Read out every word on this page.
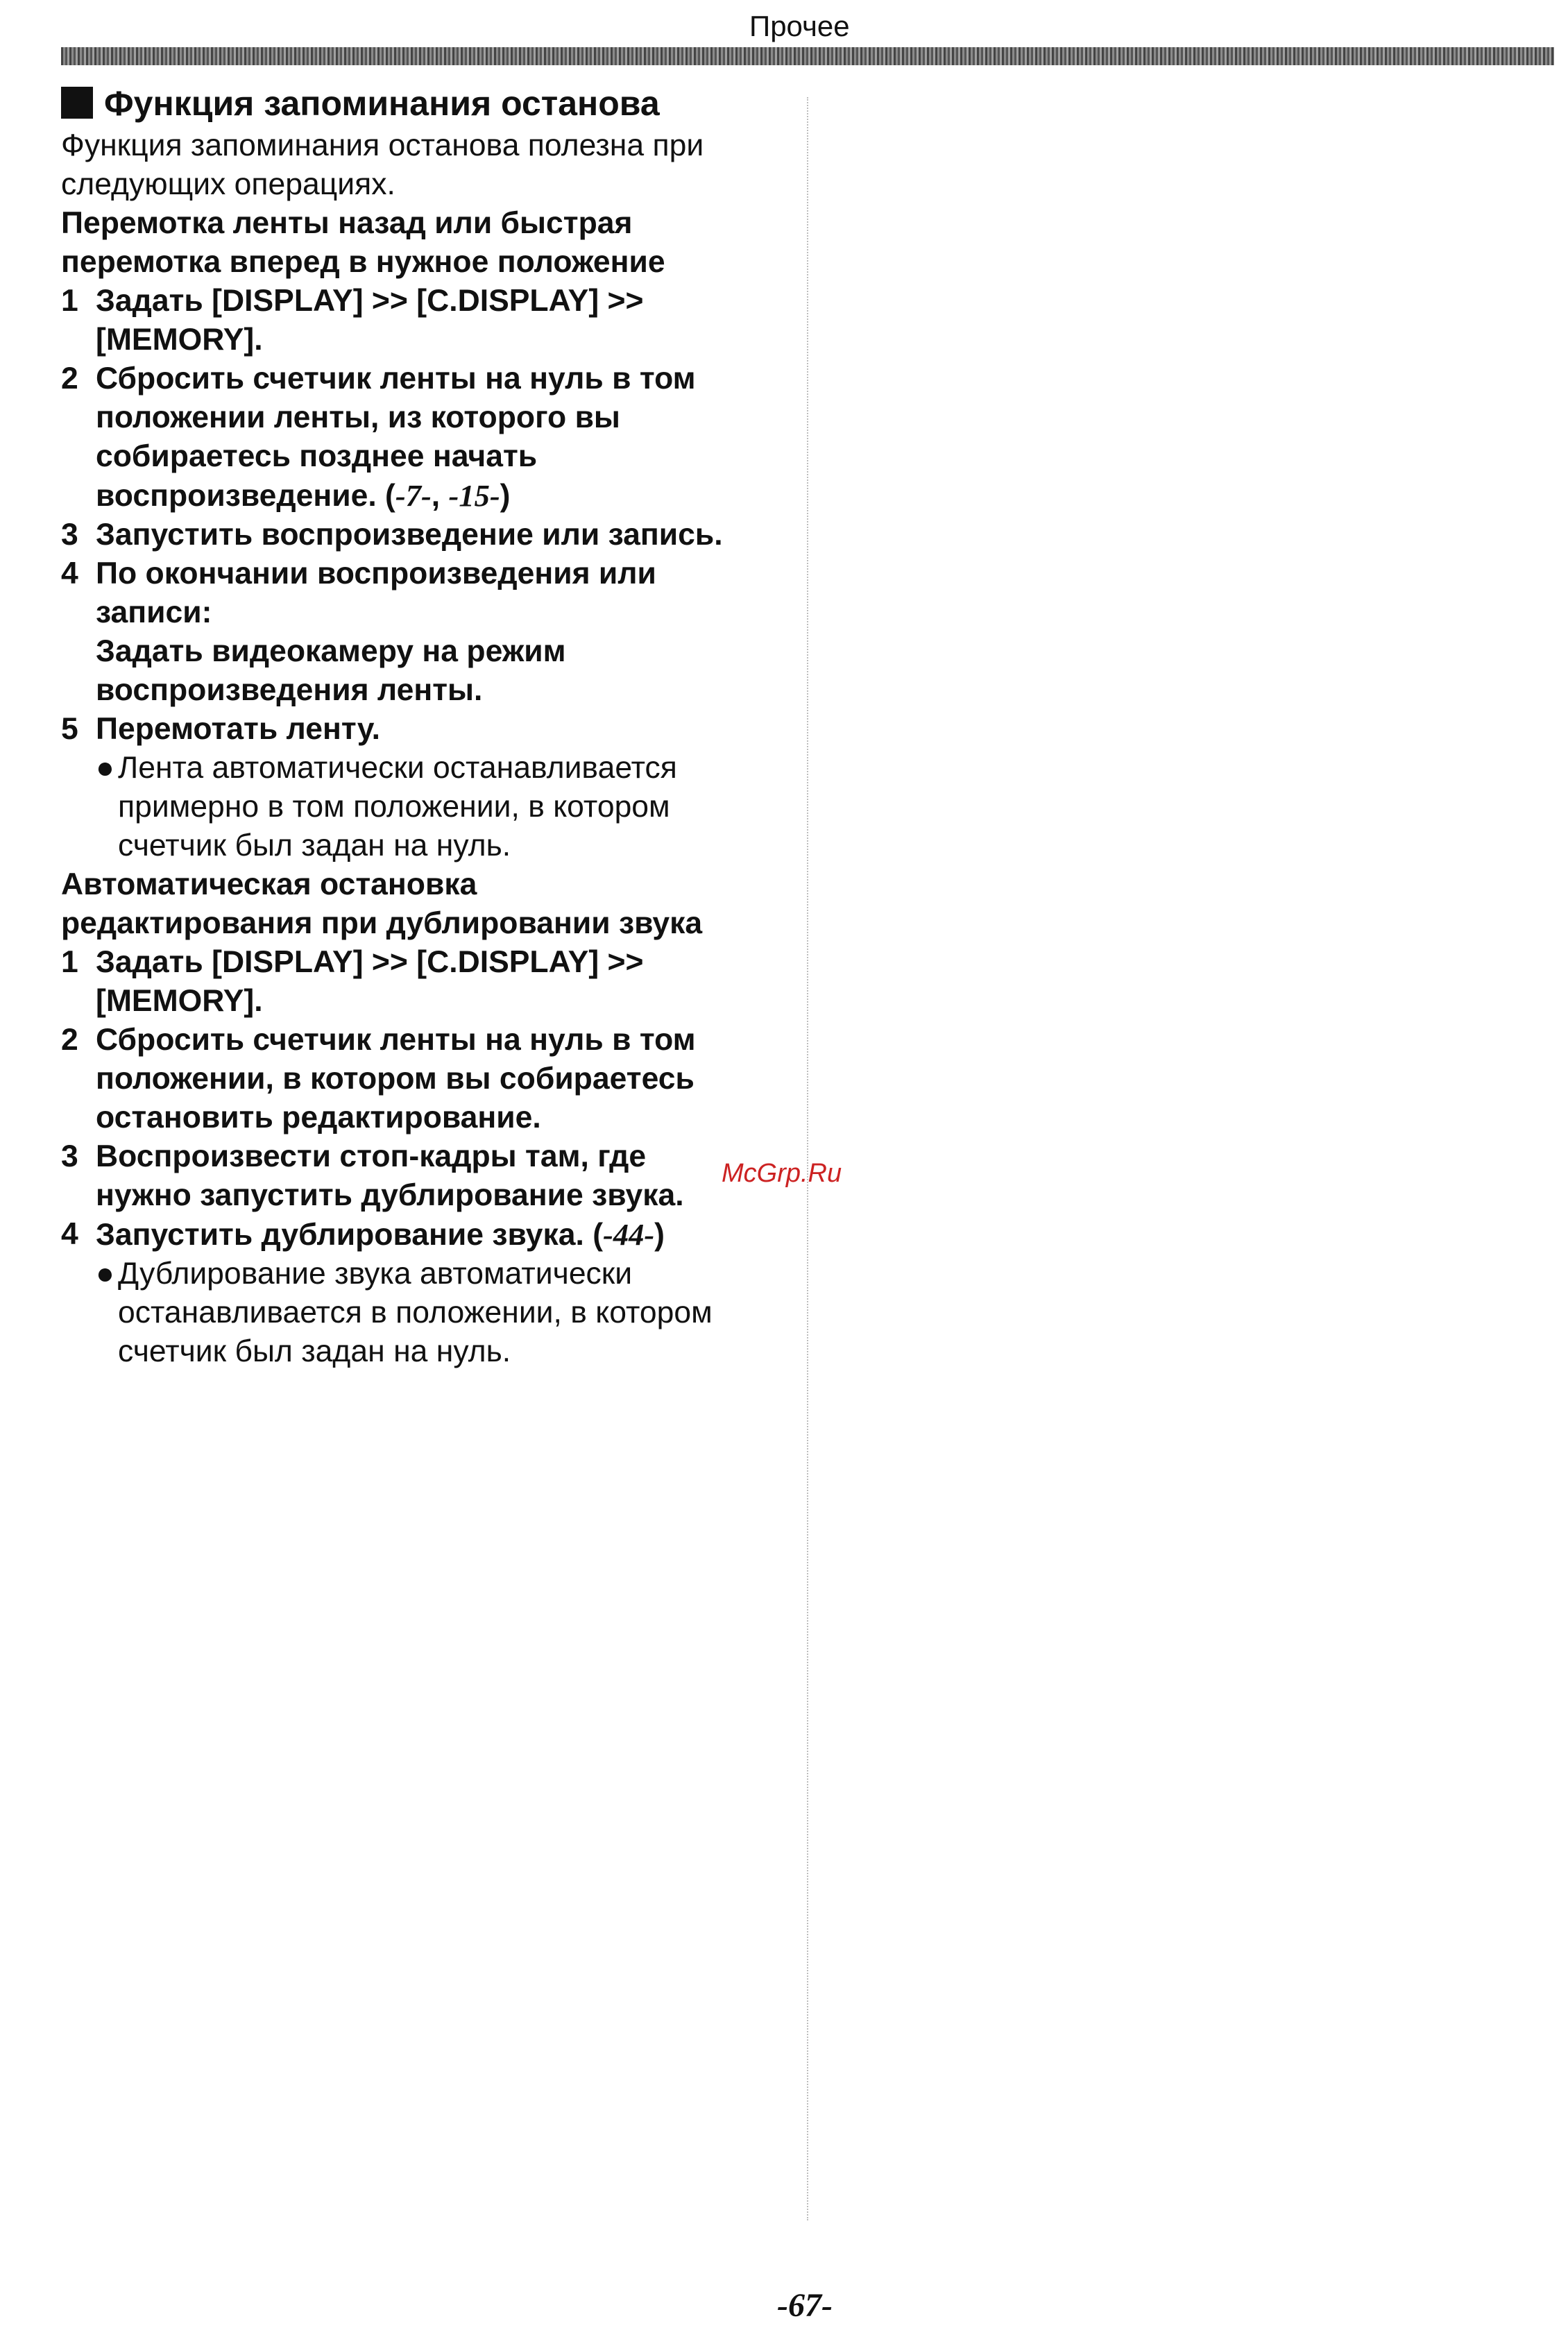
Прочее
Функция запоминания останова
Функция запоминания останова полезна при
следующих операциях.
Перемотка ленты назад или быстрая
перемотка вперед в нужное положение
1 Задать [DISPLAY] >> [C.DISPLAY] >>
[MEMORY].
2 Сбросить счетчик ленты на нуль в том
положении ленты, из которого вы
собираетесь позднее начать
воспроизведение. (-7-, -15-)
3 Запустить воспроизведение или запись.
4 По окончании воспроизведения или
записи:
Задать видеокамеру на режим
воспроизведения ленты.
5 Перемотать ленту.
● Лента автоматически останавливается
примерно в том положении, в котором
счетчик был задан на нуль.
Автоматическая остановка
редактирования при дублировании звука
1 Задать [DISPLAY] >> [C.DISPLAY] >>
[MEMORY].
2 Сбросить счетчик ленты на нуль в том
положении, в котором вы собираетесь
остановить редактирование.
3 Воспроизвести стоп-кадры там, где
нужно запустить дублирование звука.
4 Запустить дублирование звука. (-44-)
● Дублирование звука автоматически
останавливается в положении, в котором
счетчик был задан на нуль.
McGrp.Ru
-67-
